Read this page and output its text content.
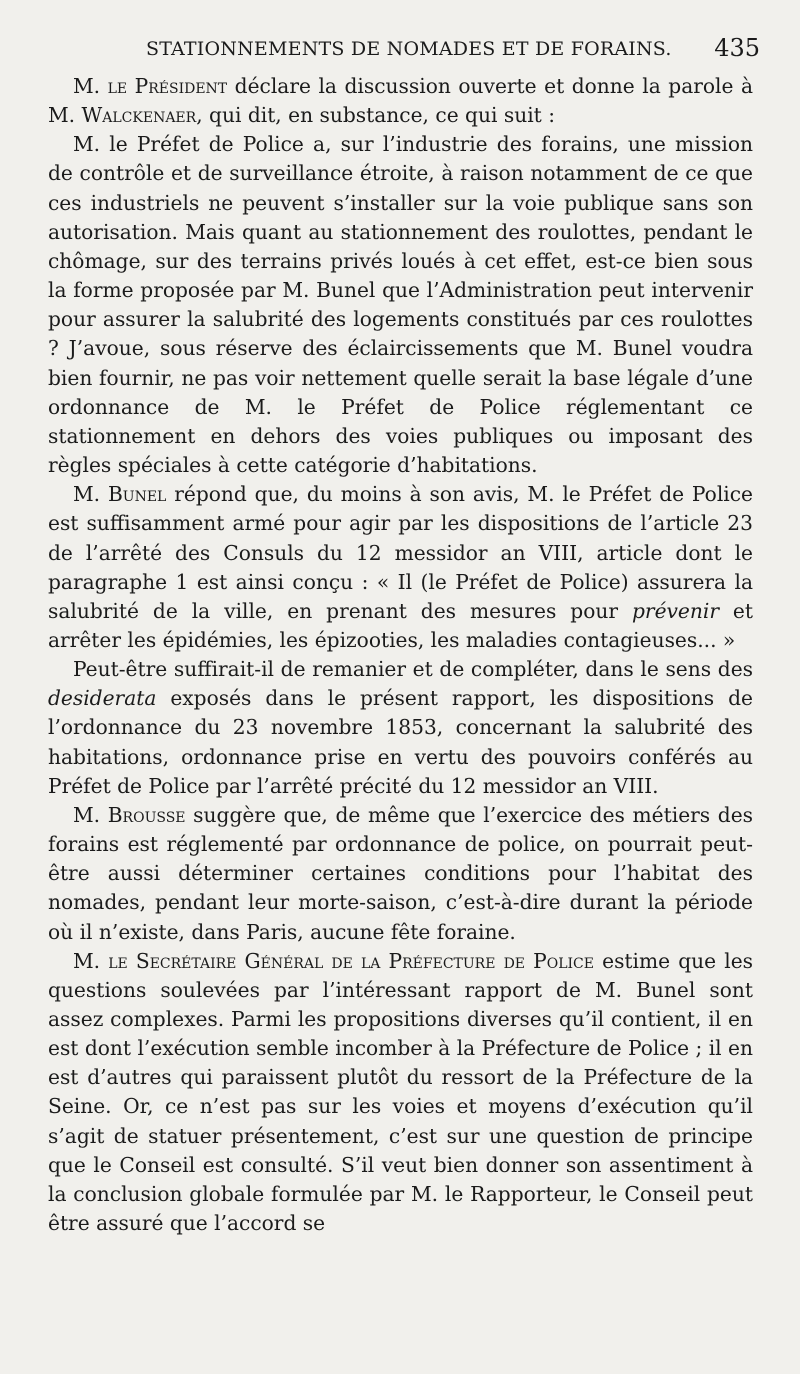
STATIONNEMENTS DE NOMADES ET DE FORAINS. 435

M. le Président déclare la discussion ouverte et donne la parole à M. Walckenaer, qui dit, en substance, ce qui suit :

M. le Préfet de Police a, sur l’industrie des forains, une mission de contrôle et de surveillance étroite, à raison notamment de ce que ces industriels ne peuvent s’installer sur la voie publique sans son autorisation. Mais quant au stationnement des roulottes, pendant le chômage, sur des terrains privés loués à cet effet, est-ce bien sous la forme proposée par M. Bunel que l’Administration peut intervenir pour assurer la salubrité des logements constitués par ces roulottes ? J’avoue, sous réserve des éclaircissements que M. Bunel voudra bien fournir, ne pas voir nettement quelle serait la base légale d’une ordonnance de M. le Préfet de Police réglementant ce stationnement en dehors des voies publiques ou imposant des règles spéciales à cette catégorie d’habitations.

M. Bunel répond que, du moins à son avis, M. le Préfet de Police est suffisamment armé pour agir par les dispositions de l’article 23 de l’arrêté des Consuls du 12 messidor an VIII, article dont le paragraphe 1 est ainsi conçu : « Il (le Préfet de Police) assurera la salubrité de la ville, en prenant des mesures pour prévenir et arrêter les épidémies, les épizooties, les maladies contagieuses... »

Peut-être suffirait-il de remanier et de compléter, dans le sens des desiderata exposés dans le présent rapport, les dispositions de l’ordonnance du 23 novembre 1853, concernant la salubrité des habitations, ordonnance prise en vertu des pouvoirs conférés au Préfet de Police par l’arrêté précité du 12 messidor an VIII.

M. Brousse suggère que, de même que l’exercice des métiers des forains est réglementé par ordonnance de police, on pourrait peut-être aussi déterminer certaines conditions pour l’habitat des nomades, pendant leur morte-saison, c’est-à-dire durant la période où il n’existe, dans Paris, aucune fête foraine.

M. le Secrétaire Général de la Préfecture de Police estime que les questions soulevées par l’intéressant rapport de M. Bunel sont assez complexes. Parmi les propositions diverses qu’il contient, il en est dont l’exécution semble incomber à la Préfecture de Police ; il en est d’autres qui paraissent plutôt du ressort de la Préfecture de la Seine. Or, ce n’est pas sur les voies et moyens d’exécution qu’il s’agit de statuer présentement, c’est sur une question de principe que le Conseil est consulté. S’il veut bien donner son assentiment à la conclusion globale formulée par M. le Rapporteur, le Conseil peut être assuré que l’accord se
